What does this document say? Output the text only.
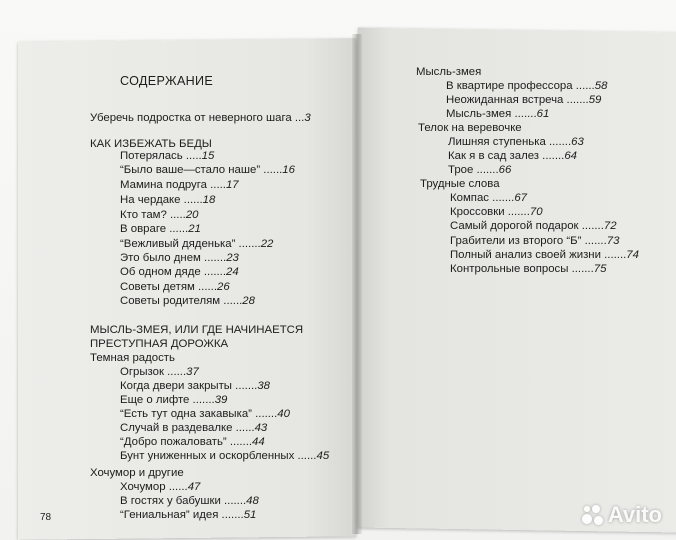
СОДЕРЖАНИЕ
Уберечь подростка от неверного шага ...3
КАК ИЗБЕЖАТЬ БЕДЫ
Потерялась .....15
“Было ваше—стало наше” ......16
Мамина подруга .....17
На чердаке ......18
Кто там? .....20
В овраге ......21
“Вежливый дяденька” .......22
Это было днем .......23
Об одном дяде .......24
Советы детям ......26
Советы родителям ......28
МЫСЛЬ-ЗМЕЯ, ИЛИ ГДЕ НАЧИНАЕТСЯ
ПРЕСТУПНАЯ ДОРОЖКА
Темная радость
Огрызок ......37
Когда двери закрыты .......38
Еще о лифте .......39
“Есть тут одна закавыка” .......40
Случай в раздевалке ......43
“Добро пожаловать” .......44
Бунт униженных и оскорбленных ......45
Хочумор и другие
Хочумор ......47
В гостях у бабушки .......48
“Гениальная” идея .......51
78
Мысль-змея
В квартире профессора ......58
Неожиданная встреча .......59
Мысль-змея .......61
Телок на веревочке
Лишняя ступенька .......63
Как я в сад залез .......64
Трое .......66
Трудные слова
Компас .......67
Кроссовки .......70
Самый дорогой подарок .......72
Грабители из второго “Б” .......73
Полный анализ своей жизни .......74
Контрольные вопросы .......75
Avito
